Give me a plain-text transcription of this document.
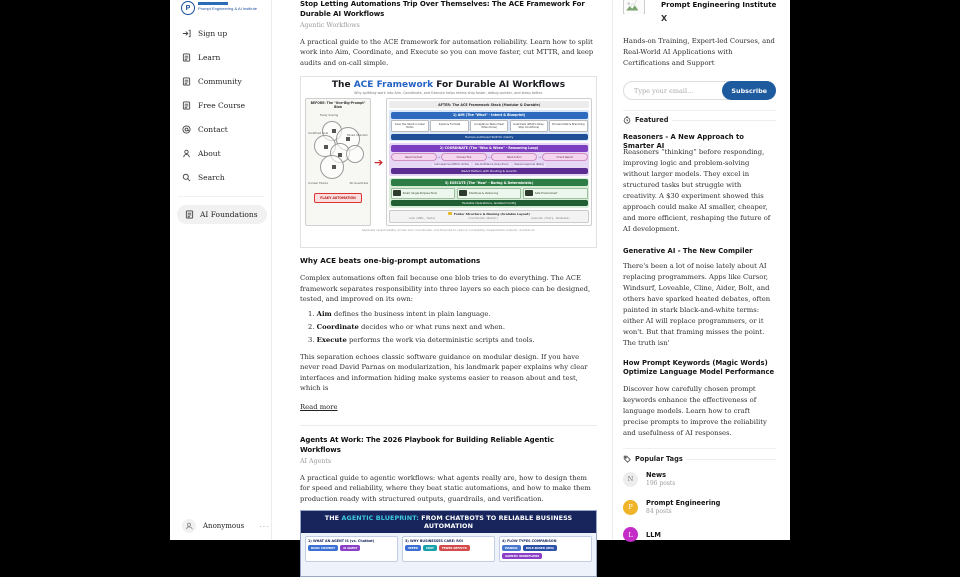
P	Prompt Engineering & AI Institute
Sign up
Learn
Community
Free Course
Contact
About
Search
AI Foundations
Anonymous ···
Stop Letting Automations Trip Over Themselves: The ACE Framework For Durable AI Workflows
Agentic Workflows
A practical guide to the ACE framework for automation reliability. Learn how to split work into Aim, Coordinate, and Execute so you can move faster, cut MTTR, and keep audits and on-call simple.
The ACE Framework For Durable AI Workflows
Why splitting work into Aim, Coordinate, and Execute helps teams ship faster, debug quicker, and sleep better.
BEFORE: The "One-Big-Prompt" Blob
Fuzzy Scaling
Unrefined Goal	Mixed Intention
Unclear Failure	No Guardrails
FLAKY AUTOMATION
➔
AFTER: The ACE Framework Stack (Modular & Durable)
1) AIM (The "What" - Intent & Blueprint)
Goal, the Intent in Clear Terms
Inputs & Formats	Acceptance Tests (Clear When Done)
Guardrails (What's Okay, Stop Conditions)
Process Data & Branching
Human-Authored SOP for Clarity
2) COORDINATE (The "Who & When" - Reasoning Loop)
Read Context	→	Choose Tool	→	Next Action	→	Check Result
Auto-Approve (Within Limits)	Ask-Confidence (Gray Zone)	Require Approval (Risky)
ReAct Pattern with Routing & Guards
3) EXECUTE (The "How" - Boring & Deterministic)
Small, Single-Purpose Tools	Interfaces & Versioning	Safe Environment
Testable Operations, Isolated Config
Folder Structure & Naming (Scalable Layout)
/aim (SOPs, Tests)	/coordinate (Router)	/execute (Tools, Runbooks)
Separate responsibility across Aim, Coordinate, and Execute to reduce complexity. Dependable outputs, durable AI.
Why ACE beats one-big-prompt automations
Complex automations often fail because one blob tries to do everything. The ACE framework separates responsibility into three layers so each piece can be designed, tested, and improved on its own:
1. Aim defines the business intent in plain language.
2. Coordinate decides who or what runs next and when.
3. Execute performs the work via deterministic scripts and tools.
This separation echoes classic software guidance on modular design. If you have never read David Parnas on modularization, his landmark paper explains why clear interfaces and information hiding make systems easier to reason about and test, which is
Read more
Agents At Work: The 2026 Playbook for Building Reliable Agentic Workflows
AI Agents
A practical guide to agentic workflows: what agents really are, how to design them for speed and reliability, where they beat static automations, and how to make them production ready with structured outputs, guardrails, and verification.
THE AGENTIC BLUEPRINT: FROM CHATBOTS TO RELIABLE BUSINESS AUTOMATION
1) WHAT AN AGENT IS (vs. Chatbot)
BASIC CHATBOT	AI AGENT
3) WHY BUSINESSES CARE: ROI
SPEED	COST	FEWER DEFECTS
4) FLOW TYPES COMPARISON
MANUAL	RULE-BASED (RPA)
AGENTIC WORKFLOWS
Prompt Engineering Institute
X
Hands-on Training, Expert-led Courses, and Real-World AI Applications with Certifications and Support
Type your email...
Subscribe
Featured
Reasoners - A New Approach to Smarter AI
Reasoners “thinking” before responding, improving logic and problem-solving without larger models. They excel in structured tasks but struggle with creativity. A $30 experiment showed this approach could make AI smaller, cheaper, and more efficient, reshaping the future of AI development.
Generative AI - The New Compiler
There's been a lot of noise lately about AI replacing programmers. Apps like Cursor, Windsurf, Loveable, Cline, Aider, Bolt, and others have sparked heated debates, often painted in stark black-and-white terms: either AI will replace programmers, or it won't. But that framing misses the point. The truth isn'
How Prompt Keywords (Magic Words) Optimize Language Model Performance
Discover how carefully chosen prompt keywords enhance the effectiveness of language models. Learn how to craft precise prompts to improve the reliability and usefulness of AI responses.
Popular Tags
N	News
196 posts
P	Prompt Engineering
84 posts
L	LLM
